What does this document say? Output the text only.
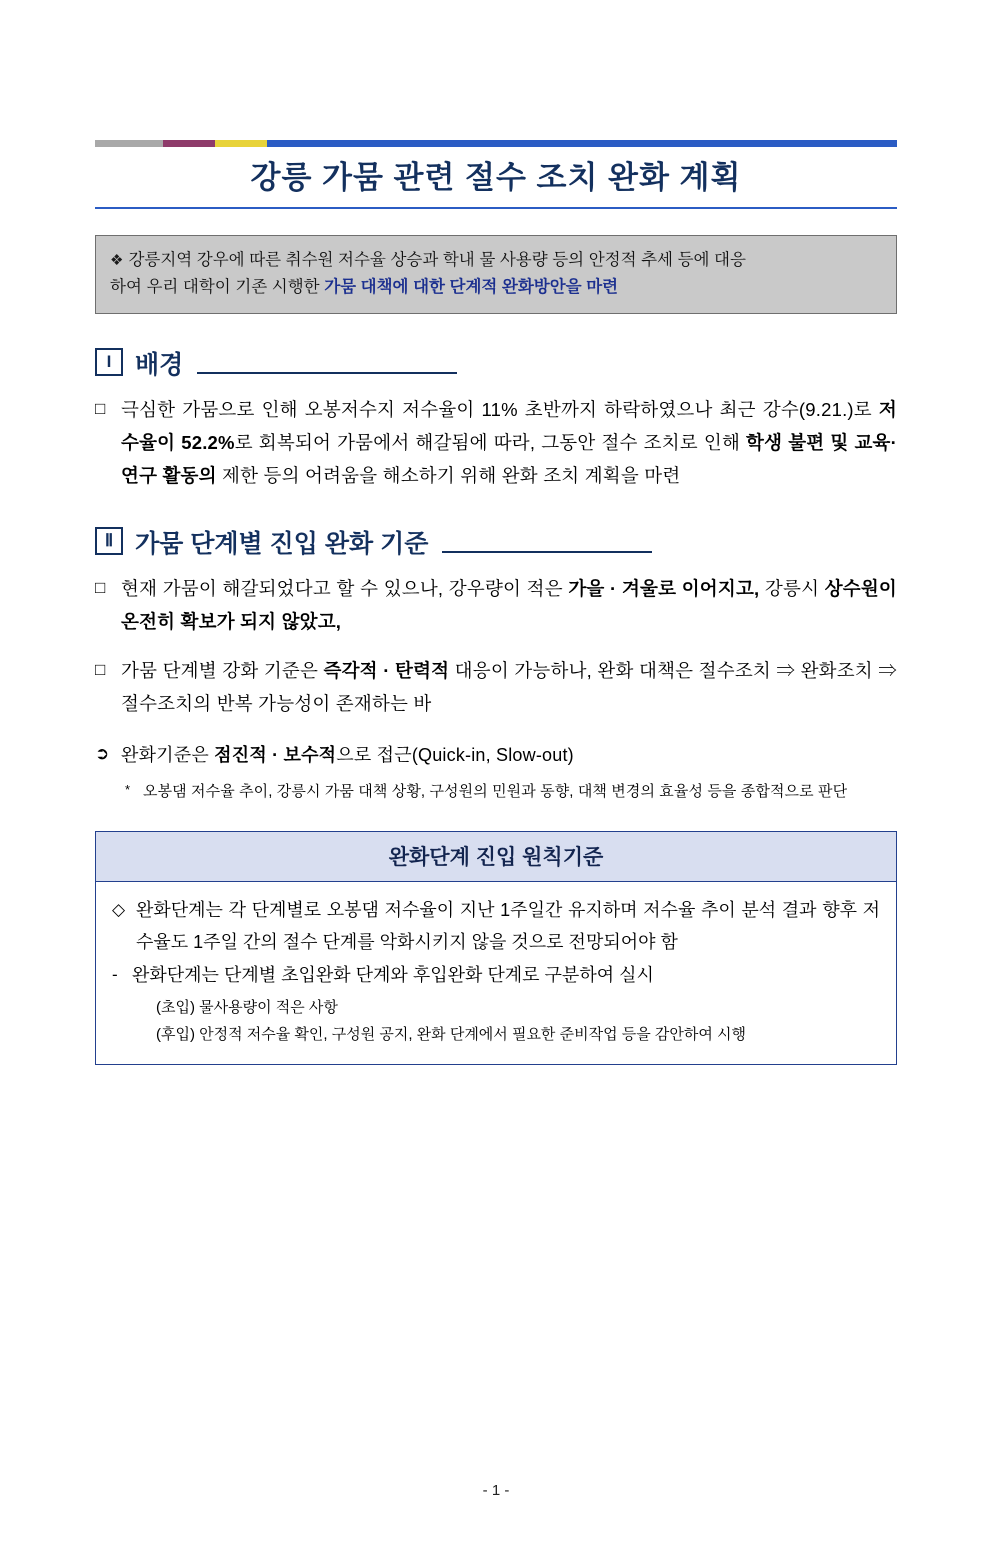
강릉 가뭄 관련 절수 조치 완화 계획
❖ 강릉지역 강우에 따른 취수원 저수율 상승과 학내 물 사용량 등의 안정적 추세 등에 대응
하여 우리 대학이 기존 시행한 가뭄 대책에 대한 단계적 완화방안을 마련
I 배경
□ 극심한 가뭄으로 인해 오봉저수지 저수율이 11% 초반까지 하락하였으나 최근 강수(9.21.)로 저수율이 52.2%로 회복되어 가뭄에서 해갈됨에 따라, 그동안 절수 조치로 인해 학생 불편 및 교육·연구 활동의 제한 등의 어려움을 해소하기 위해 완화 조치 계획을 마련
Ⅱ 가뭄 단계별 진입 완화 기준
□ 현재 가뭄이 해갈되었다고 할 수 있으나, 강우량이 적은 가을 · 겨울로 이어지고, 강릉시 상수원이 온전히 확보가 되지 않았고,
□ 가뭄 단계별 강화 기준은 즉각적 · 탄력적 대응이 가능하나, 완화 대책은 절수조치 ⇒ 완화조치 ⇒ 절수조치의 반복 가능성이 존재하는 바
➲ 완화기준은 점진적 · 보수적으로 접근(Quick-in, Slow-out)
* 오봉댐 저수율 추이, 강릉시 가뭄 대책 상황, 구성원의 민원과 동향, 대책 변경의 효율성 등을 종합적으로 판단
완화단계 진입 원칙기준
◇ 완화단계는 각 단계별로 오봉댐 저수율이 지난 1주일간 유지하며 저수율 추이 분석 결과 향후 저수율도 1주일 간의 절수 단계를 악화시키지 않을 것으로 전망되어야 함
- 완화단계는 단계별 초입완화 단계와 후입완화 단계로 구분하여 실시
(초입) 물사용량이 적은 사항
(후입) 안정적 저수율 확인, 구성원 공지, 완화 단계에서 필요한 준비작업 등을 감안하여 시행
- 1 -
